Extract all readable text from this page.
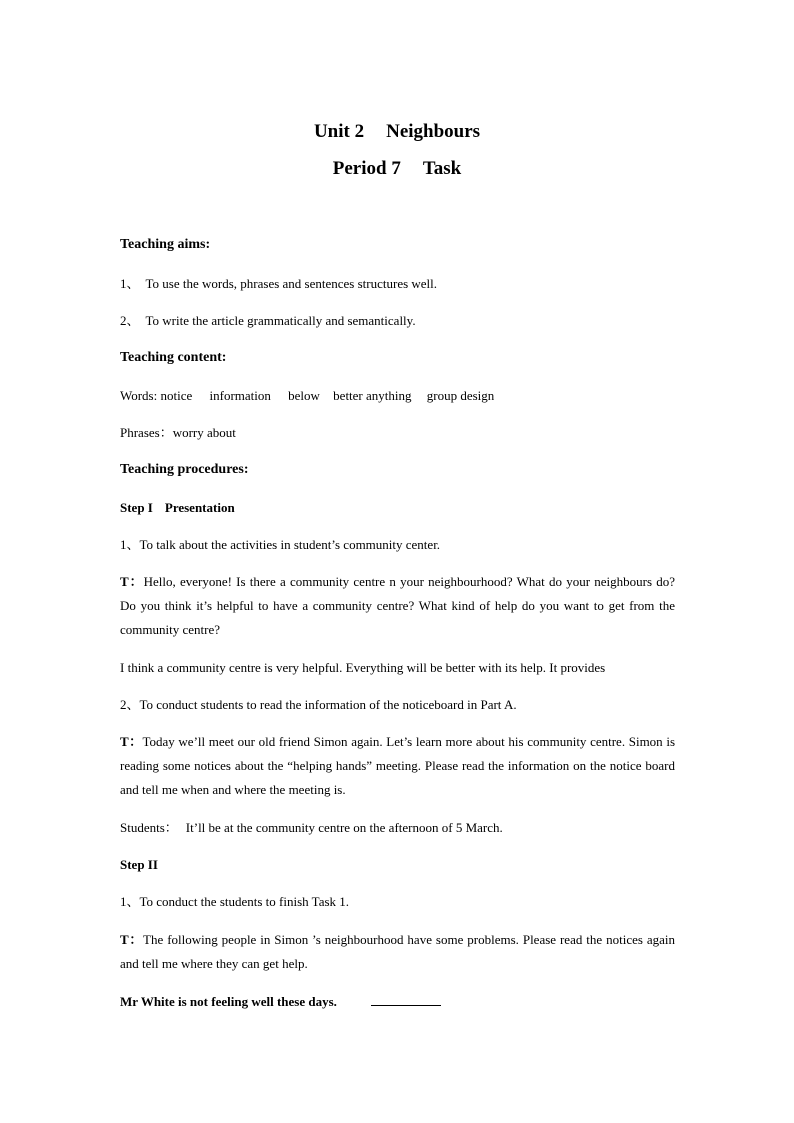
Unit 2 Neighbours
Period 7 Task
Teaching aims:
1、 To use the words, phrases and sentences structures well.
2、 To write the article grammatically and semantically.
Teaching content:
Words: notice information below better anything group design
Phrases：worry about
Teaching procedures:
Step I Presentation
1、To talk about the activities in student’s community center.
T：Hello, everyone! Is there a community centre n your neighbourhood? What do your neighbours do? Do you think it’s helpful to have a community centre? What kind of help do you want to get from the community centre?
I think a community centre is very helpful. Everything will be better with its help. It provides
2、To conduct students to read the information of the noticeboard in Part A.
T：Today we’ll meet our old friend Simon again. Let’s learn more about his community centre. Simon is reading some notices about the “helping hands” meeting. Please read the information on the notice board and tell me when and where the meeting is.
Students： It’ll be at the community centre on the afternoon of 5 March.
Step II
1、To conduct the students to finish Task 1.
T：The following people in Simon ’s neighbourhood have some problems. Please read the notices again and tell me where they can get help.
Mr White is not feeling well these days.
